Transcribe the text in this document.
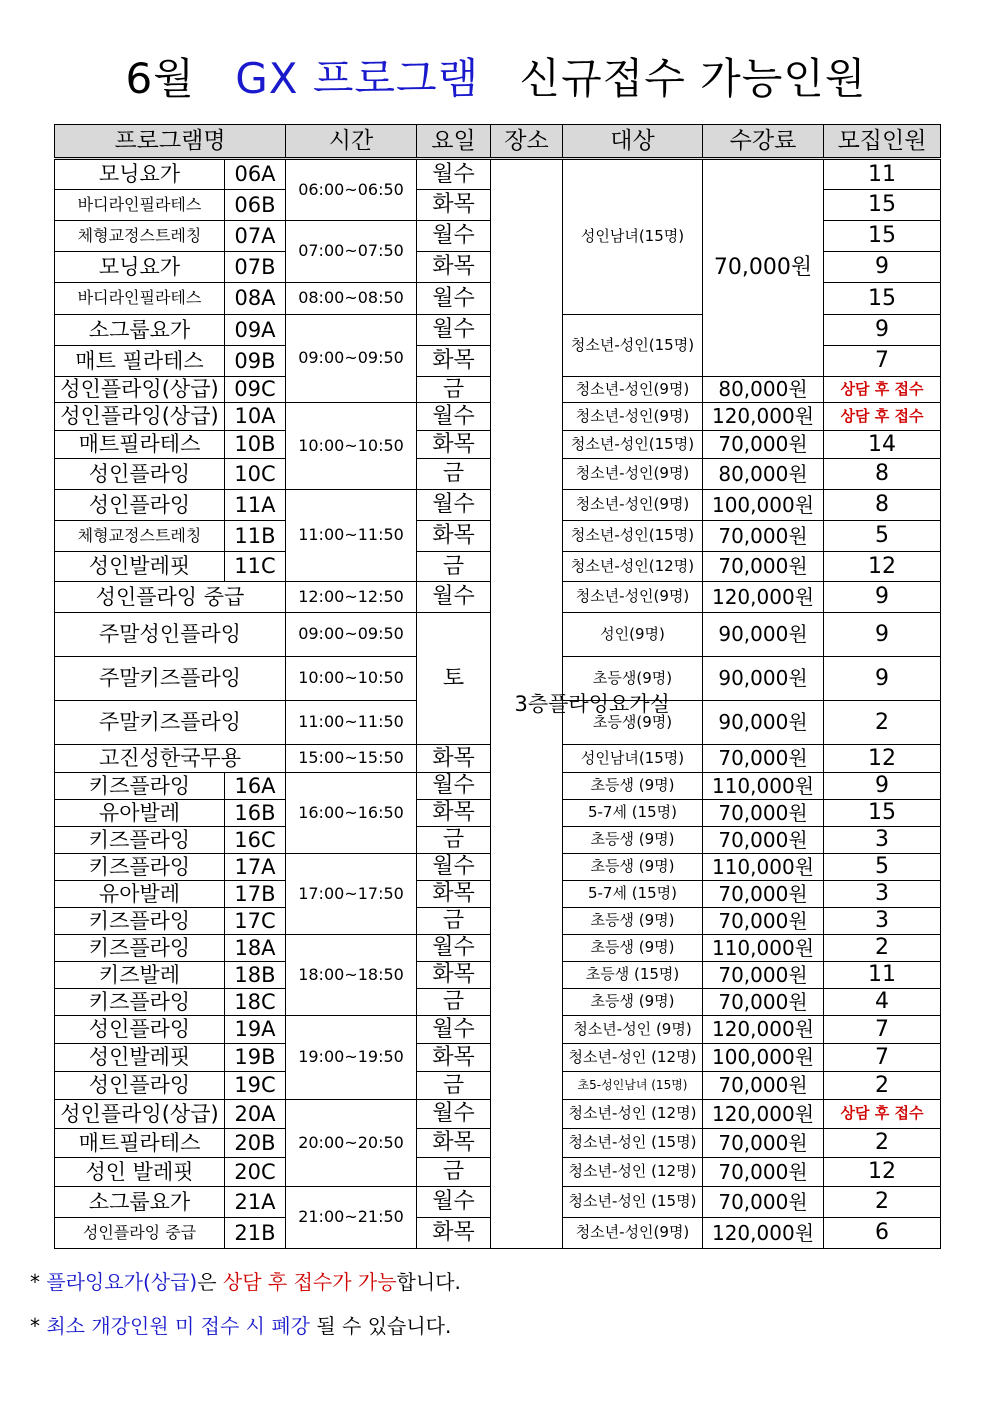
6월 GX 프로그램 신규접수 가능인원
프로그램명		시간	요일	장소	대상	수강료	모집인원
모닝요가	06A	06:00~06:50	월수	3층플라잉요가실	성인남녀(15명)	70,000원	11
바디라인필라테스	06B		화목				15
체형교정스트레칭	07A	07:00~07:50	월수				15
모닝요가	07B		화목				9
바디라인필라테스	08A	08:00~08:50	월수				15
소그룹요가	09A	09:00~09:50	월수		청소년-성인(15명)		9
매트 필라테스	09B		화목				7
성인플라잉(상급)	09C		금		청소년-성인(9명)	80,000원	상담 후 접수
성인플라잉(상급)	10A	10:00~10:50	월수		청소년-성인(9명)	120,000원	상담 후 접수
매트필라테스	10B		화목		청소년-성인(15명)	70,000원	14
성인플라잉	10C		금		청소년-성인(9명)	80,000원	8
성인플라잉	11A	11:00~11:50	월수		청소년-성인(9명)	100,000원	8
체형교정스트레칭	11B		화목		청소년-성인(15명)	70,000원	5
성인발레핏	11C		금		청소년-성인(12명)	70,000원	12
성인플라잉 중급		12:00~12:50	월수		청소년-성인(9명)	120,000원	9
주말성인플라잉		09:00~09:50	토		성인(9명)	90,000원	9
주말키즈플라잉		10:00~10:50			초등생(9명)	90,000원	9
주말키즈플라잉		11:00~11:50			초등생(9명)	90,000원	2
고진성한국무용		15:00~15:50	화목		성인남녀(15명)	70,000원	12
키즈플라잉	16A	16:00~16:50	월수		초등생 (9명)	110,000원	9
유아발레	16B		화목		5-7세 (15명)	70,000원	15
키즈플라잉	16C		금		초등생 (9명)	70,000원	3
키즈플라잉	17A	17:00~17:50	월수		초등생 (9명)	110,000원	5
유아발레	17B		화목		5-7세 (15명)	70,000원	3
키즈플라잉	17C		금		초등생 (9명)	70,000원	3
키즈플라잉	18A	18:00~18:50	월수		초등생 (9명)	110,000원	2
키즈발레	18B		화목		초등생 (15명)	70,000원	11
키즈플라잉	18C		금		초등생 (9명)	70,000원	4
성인플라잉	19A	19:00~19:50	월수		청소년-성인 (9명)	120,000원	7
성인발레핏	19B		화목		청소년-성인 (12명)	100,000원	7
성인플라잉	19C		금		초5-성인남녀 (15명)	70,000원	2
성인플라잉(상급)	20A	20:00~20:50	월수		청소년-성인 (12명)	120,000원	상담 후 접수
매트필라테스	20B		화목		청소년-성인 (15명)	70,000원	2
성인 발레핏	20C		금		청소년-성인 (12명)	70,000원	12
소그룹요가	21A	21:00~21:50	월수		청소년-성인 (15명)	70,000원	2
성인플라잉 중급	21B		화목		청소년-성인(9명)	120,000원	6
* 플라잉요가(상급)은 상담 후 접수가 가능합니다.
* 최소 개강인원 미 접수 시 폐강 될 수 있습니다.
